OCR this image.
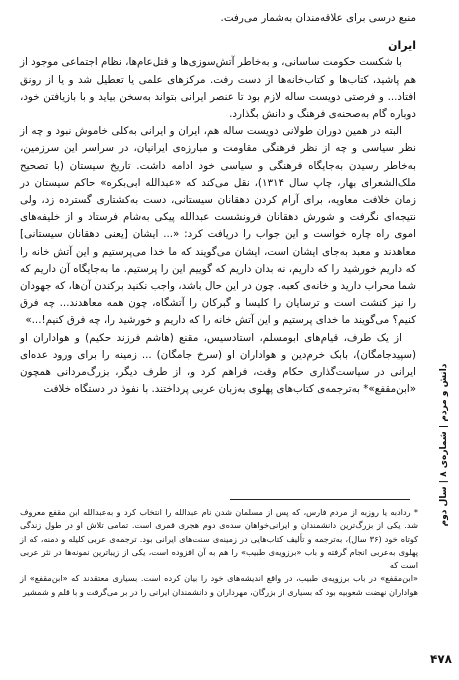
منبع درسی برای علاقه‌مندان به‌شمار می‌رفت.

ایران

با شکست حکومت ساسانی، و به‌خاطر آتش‌سوزی‌ها و قتل‌عام‌ها، نظام اجتماعی موجود از هم پاشید، کتاب‌ها و کتاب‌خانه‌ها از دست رفت. مرکزهای علمی یا تعطیل شد و یا از رونق افتاد... و فرصتی دویست ساله لازم بود تا عنصر ایرانی بتواند به‌سخن بیاید و با بازیافتن خود، دوباره گام به‌صحنه‌ی فرهنگ و دانش بگذارد.

البته در همین دوران طولانی دویست ساله هم، ایران و ایرانی به‌کلی خاموش نبود و چه از نظر سیاسی و چه از نظر فرهنگی مقاومت و مبارزه‌ی ایرانیان، در سراسر این سرزمین، به‌خاطر رسیدن به‌جایگاه فرهنگی و سیاسی خود ادامه داشت. تاریخ سیستان (با تصحیح ملک‌الشعرای بهار، چاپ سال ۱۳۱۴)، نقل می‌کند که «عبدالله ابی‌بکره» حاکم سیستان در زمان خلافت معاویه، برای آرام کردن دهقانان سیستانی، دست به‌کشتاری گسترده زد، ولی نتیجه‌ای نگرفت و شورش دهقانان فرونشست عبدالله پیکی به‌شام فرستاد و از خلیفه‌های اموی راه چاره خواست و این جواب را دریافت کرد: «... ایشان [یعنی دهقانان سیستانی] معاهدند و معبد به‌جای ایشان است، ایشان می‌گویند که ما خدا می‌پرستیم و این آتش خانه را که داریم خورشید را که داریم، نه بدان داریم که گوییم این را پرستیم. ما به‌جایگاه آن داریم که شما محراب دارید و خانه‌ی کعبه. چون در این حال باشد، واجب نکنید برکندن آن‌ها، که جهودان را نیز کنشت است و ترسایان را کلیسا و گبرکان را آتشگاه، چون همه معاهدند... چه فرق کنیم؟ می‌گویند ما خدای پرستیم و این آتش خانه را که داریم و خورشید را، چه فرق کنیم!...»

از یک طرف، قیام‌های ابومسلم، استادسیس، مقنع (هاشم فرزند حکیم) و هواداران او (سپیدجامگان)، بابک خرم‌دین و هواداران او (سرخ جامگان) ... زمینه را برای ورود عده‌ای ایرانی در سیاست‌گذاری حکام وقت، فراهم کرد و، از طرف دیگر، بزرگ‌مردانی همچون «ابن‌مقفع»* به‌ترجمه‌ی کتاب‌های پهلوی به‌زبان عربی پرداختند. با نفوذ در دستگاه خلافت

* ردادبه یا روزبه از مردم فارس، که پس از مسلمان شدن نام عبدالله را انتخاب کرد و به‌عبدالله ابن مقفع معروف شد. یکی از بزرگ‌ترین دانشمندان و ایرانی‌خواهان سده‌ی دوم هجری قمری است. تمامی تلاش او در طول زندگی کوتاه خود (۳۶ سال)، به‌ترجمه و تألیف کتاب‌هایی در زمینه‌ی سنت‌های ایرانی بود. ترجمه‌ی عربی کلیله و دمنه، که از پهلوی به‌عربی انجام گرفته و باب «برزویه‌ی طبیب» را هم به آن افزوده است، یکی از زیباترین نمونه‌ها در نثر عربی است که

«ابن‌مقفع» در باب برزویه‌ی طبیب، در واقع اندیشه‌های خود را بیان کرده است. بسیاری معتقدند که «ابن‌مقفع» از هواداران نهضت شعوبیه بود که بسیاری از بزرگان، مهرداران و دانشمندان ایرانی را در بر می‌گرفت و با قلم و شمشیر

دانش و مردم | شماره‌ی ۸ | سال دوم
۴۷۸
